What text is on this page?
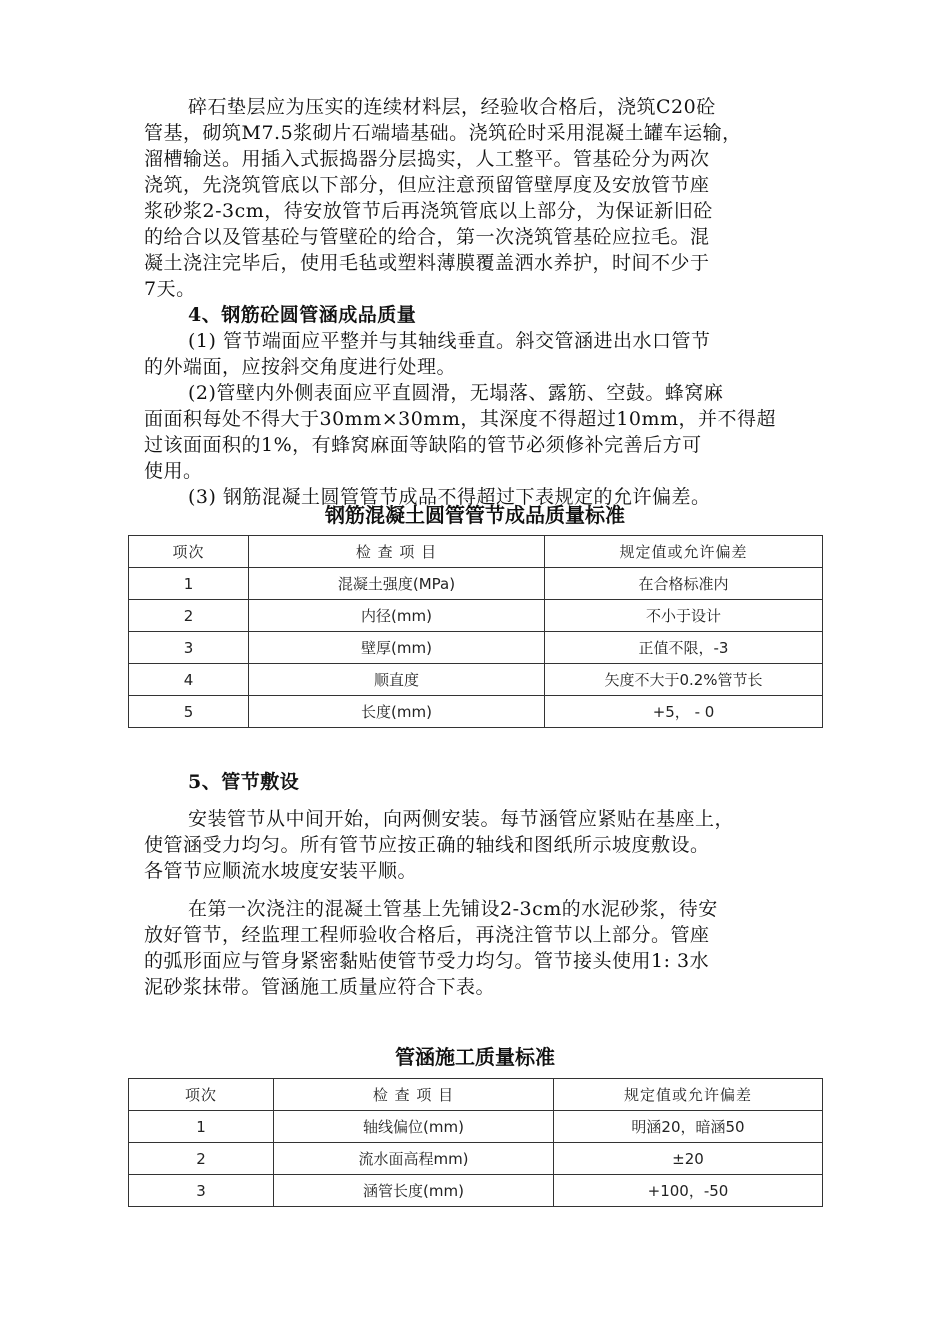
碎石垫层应为压实的连续材料层，经验收合格后，浇筑C20砼
管基，砌筑M7.5浆砌片石端墙基础。浇筑砼时采用混凝土罐车运输，
溜槽输送。用插入式振捣器分层捣实，人工整平。管基砼分为两次
浇筑，先浇筑管底以下部分，但应注意预留管壁厚度及安放管节座
浆砂浆2-3cm，待安放管节后再浇筑管底以上部分，为保证新旧砼
的给合以及管基砼与管壁砼的给合，第一次浇筑管基砼应拉毛。混
凝土浇注完毕后，使用毛毡或塑料薄膜覆盖洒水养护，时间不少于
7天。
4、钢筋砼圆管涵成品质量
(1) 管节端面应平整并与其轴线垂直。斜交管涵进出水口管节
的外端面，应按斜交角度进行处理。
(2)管壁内外侧表面应平直圆滑，无塌落、露筋、空鼓。蜂窝麻
面面积每处不得大于30mm×30mm，其深度不得超过10mm，并不得超
过该面面积的1%，有蜂窝麻面等缺陷的管节必须修补完善后方可
使用。
(3) 钢筋混凝土圆管管节成品不得超过下表规定的允许偏差。
钢筋混凝土圆管管节成品质量标准
项次	检 查 项 目	规定值或允许偏差
1	混凝土强度(MPa)	在合格标准内
2	内径(mm)	不小于设计
3	壁厚(mm)	正值不限，-3
4	顺直度	矢度不大于0.2%管节长
5	长度(mm)	+5， - 0
5、管节敷设
安装管节从中间开始，向两侧安装。每节涵管应紧贴在基座上，
使管涵受力均匀。所有管节应按正确的轴线和图纸所示坡度敷设。
各管节应顺流水坡度安装平顺。
在第一次浇注的混凝土管基上先铺设2-3cm的水泥砂浆，待安
放好管节，经监理工程师验收合格后，再浇注管节以上部分。管座
的弧形面应与管身紧密黏贴使管节受力均匀。管节接头使用1: 3水
泥砂浆抹带。管涵施工质量应符合下表。
管涵施工质量标准
项次	检 查 项 目	规定值或允许偏差
1	轴线偏位(mm)	明涵20，暗涵50
2	流水面高程mm)	±20
3	涵管长度(mm)	+100，-50
